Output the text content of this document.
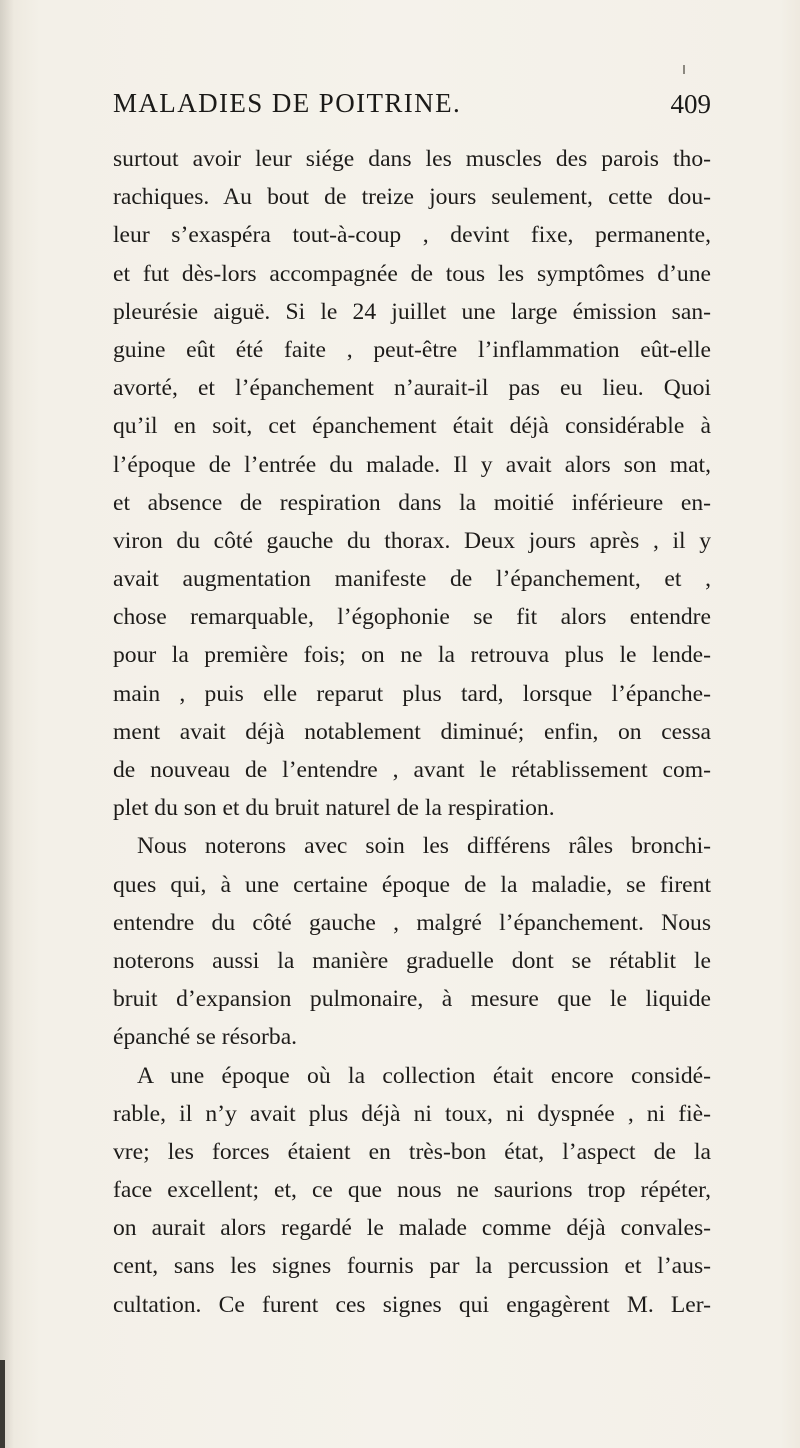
MALADIES DE POITRINE.	409
surtout avoir leur siége dans les muscles des parois tho-
rachiques. Au bout de treize jours seulement, cette dou-
leur s’exaspéra tout-à-coup , devint fixe, permanente,
et fut dès-lors accompagnée de tous les symptômes d’une
pleurésie aiguë. Si le 24 juillet une large émission san-
guine eût été faite , peut-être l’inflammation eût-elle
avorté, et l’épanchement n’aurait-il pas eu lieu. Quoi
qu’il en soit, cet épanchement était déjà considérable à
l’époque de l’entrée du malade. Il y avait alors son mat,
et absence de respiration dans la moitié inférieure en-
viron du côté gauche du thorax. Deux jours après , il y
avait augmentation manifeste de l’épanchement, et ,
chose remarquable, l’égophonie se fit alors entendre
pour la première fois; on ne la retrouva plus le lende-
main , puis elle reparut plus tard, lorsque l’épanche-
ment avait déjà notablement diminué; enfin, on cessa
de nouveau de l’entendre , avant le rétablissement com-
plet du son et du bruit naturel de la respiration.
Nous noterons avec soin les différens râles bronchi-
ques qui, à une certaine époque de la maladie, se firent
entendre du côté gauche , malgré l’épanchement. Nous
noterons aussi la manière graduelle dont se rétablit le
bruit d’expansion pulmonaire, à mesure que le liquide
épanché se résorba.
A une époque où la collection était encore considé-
rable, il n’y avait plus déjà ni toux, ni dyspnée , ni fiè-
vre; les forces étaient en très-bon état, l’aspect de la
face excellent; et, ce que nous ne saurions trop répéter,
on aurait alors regardé le malade comme déjà convales-
cent, sans les signes fournis par la percussion et l’aus-
cultation. Ce furent ces signes qui engagèrent M. Ler-
